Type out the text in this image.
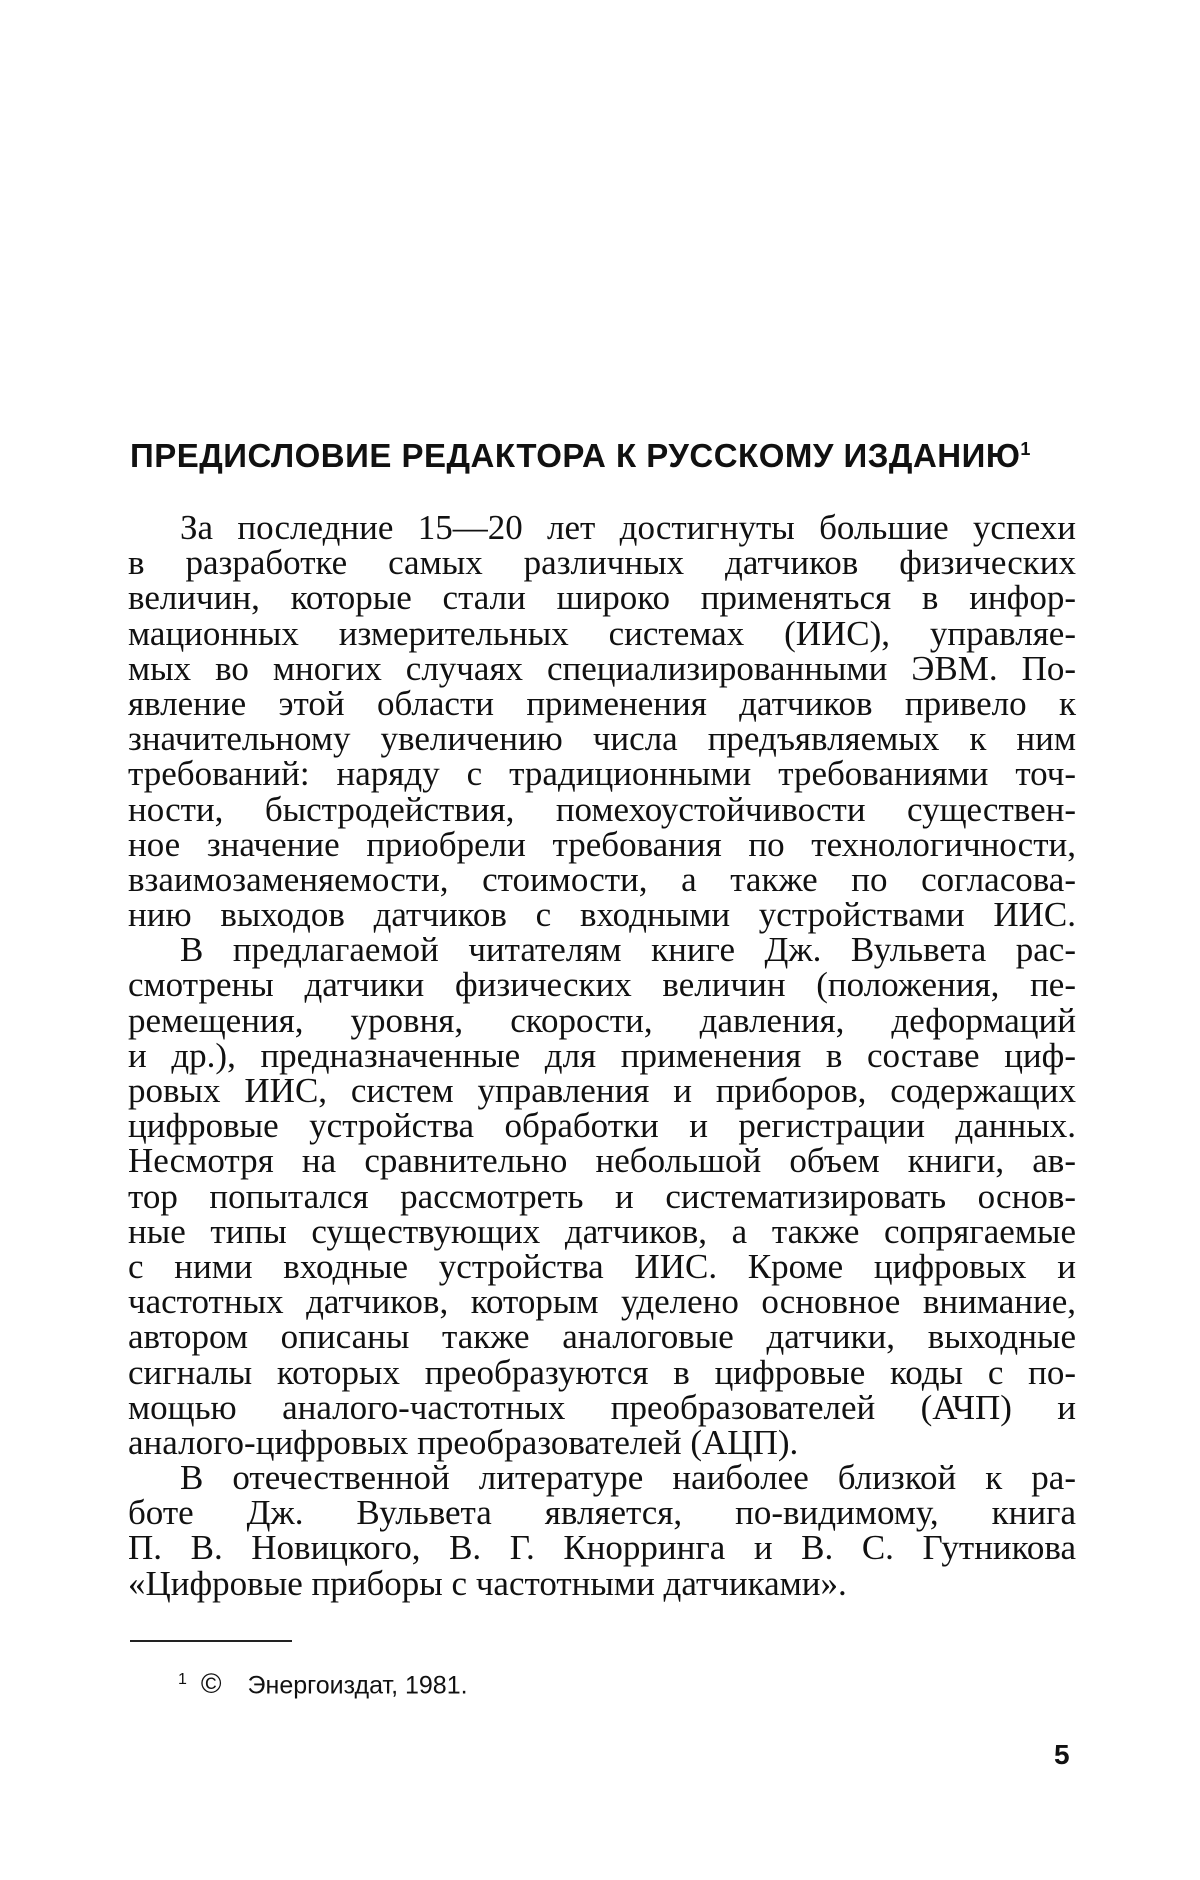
ПРЕДИСЛОВИЕ РЕДАКТОРА К РУССКОМУ ИЗДАНИЮ$^1$
За последние 15—20 лет достигнуты большие успехи
в разработке самых различных датчиков физических
величин, которые стали широко применяться в инфор-
мационных измерительных системах (ИИС), управляе-
мых во многих случаях специализированными ЭВМ. По-
явление этой области применения датчиков привело к
значительному увеличению числа предъявляемых к ним
требований: наряду с традиционными требованиями точ-
ности, быстродействия, помехоустойчивости существен-
ное значение приобрели требования по технологичности,
взаимозаменяемости, стоимости, а также по согласова-
нию выходов датчиков с входными устройствами ИИС.
В предлагаемой читателям книге Дж. Вульвета рас-
смотрены датчики физических величин (положения, пе-
ремещения, уровня, скорости, давления, деформаций
и др.), предназначенные для применения в составе циф-
ровых ИИС, систем управления и приборов, содержащих
цифровые устройства обработки и регистрации данных.
Несмотря на сравнительно небольшой объем книги, ав-
тор попытался рассмотреть и систематизировать основ-
ные типы существующих датчиков, а также сопрягаемые
с ними входные устройства ИИС. Кроме цифровых и
частотных датчиков, которым уделено основное внимание,
автором описаны также аналоговые датчики, выходные
сигналы которых преобразуются в цифровые коды с по-
мощью аналого-частотных преобразователей (АЧП) и
аналого-цифровых преобразователей (АЦП).
В отечественной литературе наиболее близкой к ра-
боте Дж. Вульвета является, по-видимому, книга
П. В. Новицкого, В. Г. Кнорринга и В. С. Гутникова
«Цифровые приборы с частотными датчиками».
$^1$ © Энергоиздат, 1981.
5
